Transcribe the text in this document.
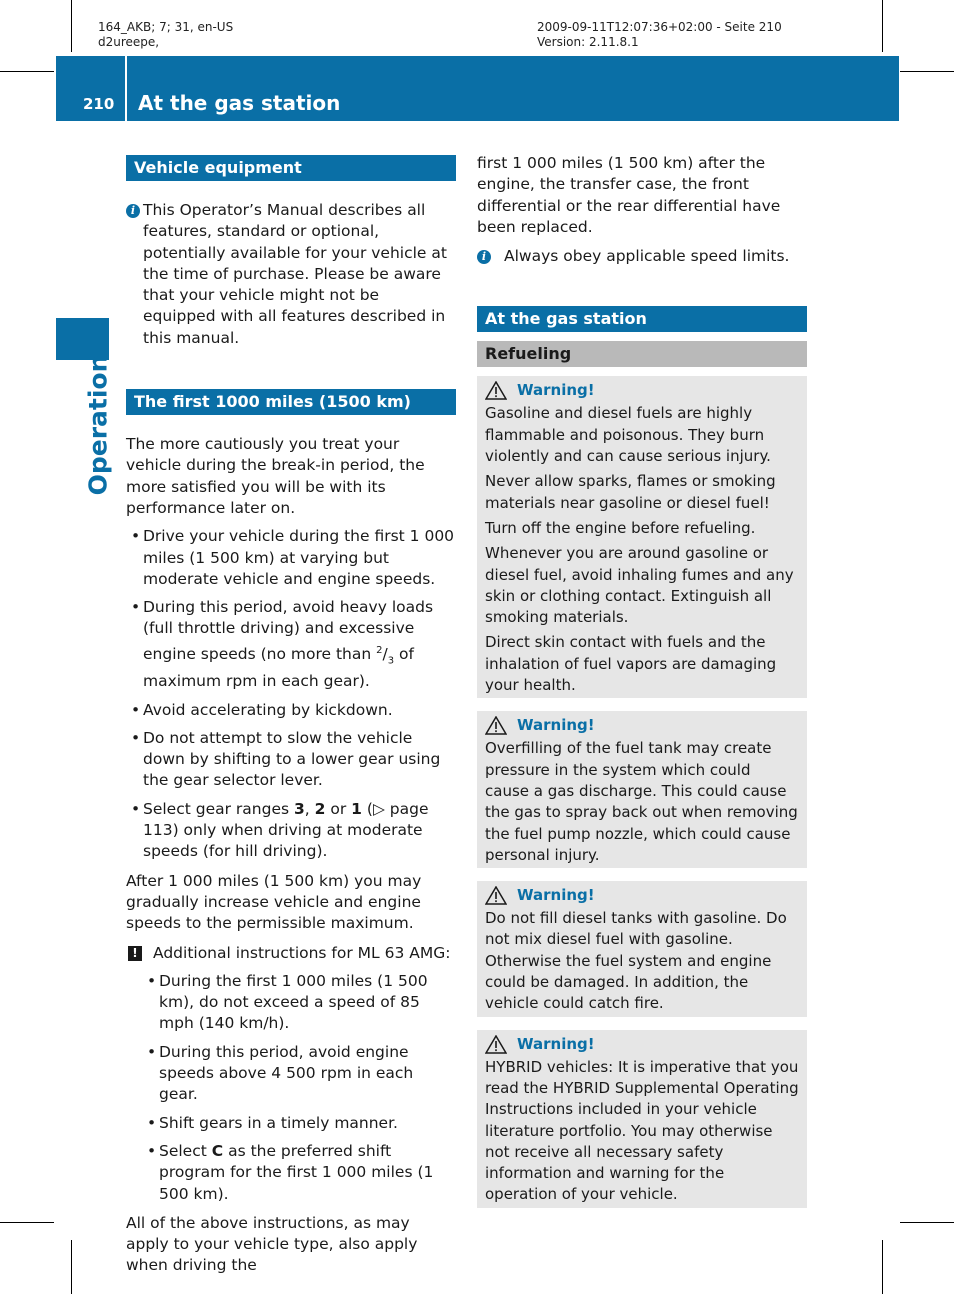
164_AKB; 7; 31, en-US
d2ureepe,
2009-09-11T12:07:36+02:00 - Seite 210
Version: 2.11.8.1
210 At the gas station
Operation
Vehicle equipment
i This Operator’s Manual describes all features, standard or optional, potentially available for your vehicle at the time of purchase. Please be aware that your vehicle might not be equipped with all features described in this manual.

The first 1000 miles (1500 km)

The more cautiously you treat your vehicle during the break-in period, the more satisfied you will be with its performance later on.

• Drive your vehicle during the first 1 000 miles (1 500 km) at varying but moderate vehicle and engine speeds.
• During this period, avoid heavy loads (full throttle driving) and excessive engine speeds (no more than $^2/_3$ of maximum rpm in each gear).
• Avoid accelerating by kickdown.
• Do not attempt to slow the vehicle down by shifting to a lower gear using the gear selector lever.
• Select gear ranges 3, 2 or 1 (▷ page 113) only when driving at moderate speeds (for hill driving).

After 1 000 miles (1 500 km) you may gradually increase vehicle and engine speeds to the permissible maximum.

! Additional instructions for ML 63 AMG:

• During the first 1 000 miles (1 500 km), do not exceed a speed of 85 mph (140 km/h).
• During this period, avoid engine speeds above 4 500 rpm in each gear.
• Shift gears in a timely manner.
• Select C as the preferred shift program for the first 1 000 miles (1 500 km).

All of the above instructions, as may apply to your vehicle type, also apply when driving the

first 1 000 miles (1 500 km) after the engine, the transfer case, the front differential or the rear differential have been replaced.

i	Always obey applicable speed limits.

At the gas station
Refueling
Warning!

Gasoline and diesel fuels are highly flammable and poisonous. They burn violently and can cause serious injury.

Never allow sparks, flames or smoking materials near gasoline or diesel fuel!

Turn off the engine before refueling.

Whenever you are around gasoline or diesel fuel, avoid inhaling fumes and any skin or clothing contact. Extinguish all smoking materials.

Direct skin contact with fuels and the inhalation of fuel vapors are damaging your health.

Warning!

Overfilling of the fuel tank may create pressure in the system which could cause a gas discharge. This could cause the gas to spray back out when removing the fuel pump nozzle, which could cause personal injury.

Warning!

Do not fill diesel tanks with gasoline. Do not mix diesel fuel with gasoline. Otherwise the fuel system and engine could be damaged. In addition, the vehicle could catch fire.

Warning!

HYBRID vehicles: It is imperative that you read the HYBRID Supplemental Operating Instructions included in your vehicle literature portfolio. You may otherwise not receive all necessary safety information and warning for the operation of your vehicle.
